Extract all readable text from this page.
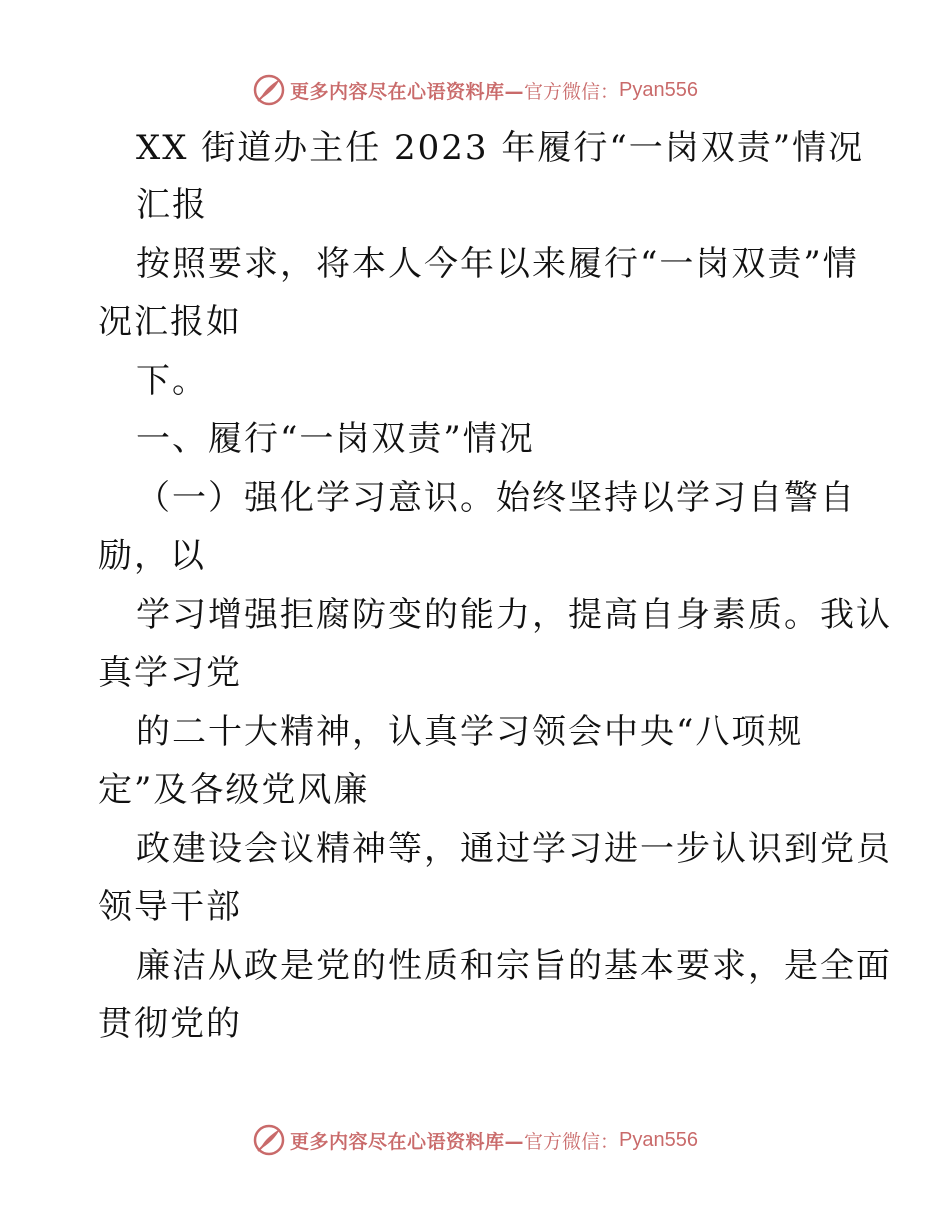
更多内容尽在心语资料库— 官方微信： Pyan556
XX 街道办主任 2023 年履行“一岗双责”情况
汇报
按照要求，将本人今年以来履行“一岗双责”情
况汇报如
下。
一、履行“一岗双责”情况
（一）强化学习意识。始终坚持以学习自警自
励，以
学习增强拒腐防变的能力，提高自身素质。我认
真学习党
的二十大精神，认真学习领会中央“八项规
定”及各级党风廉
政建设会议精神等，通过学习进一步认识到党员
领导干部
廉洁从政是党的性质和宗旨的基本要求，是全面
贯彻党的
更多内容尽在心语资料库— 官方微信： Pyan556
